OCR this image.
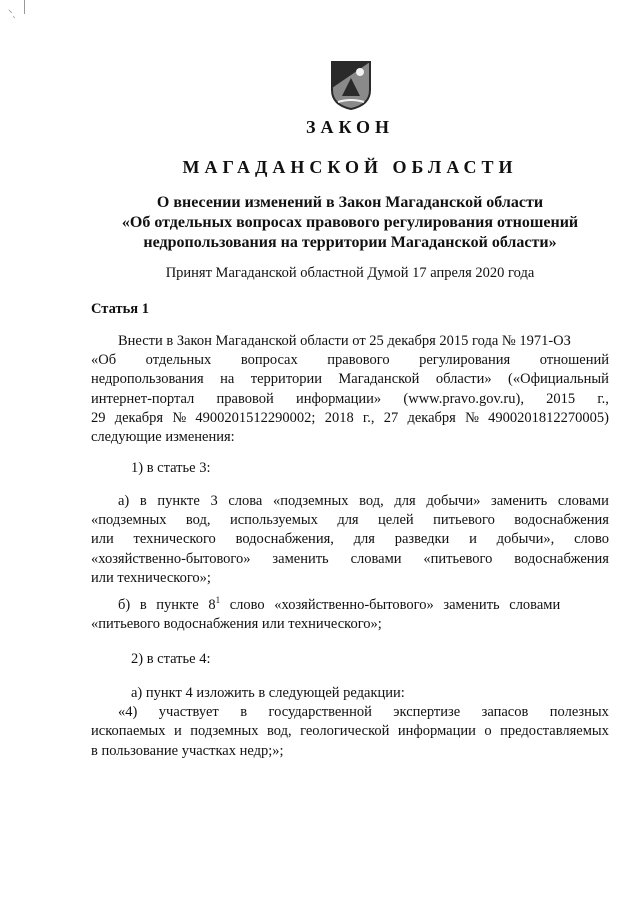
⸌ˎ
ЗАКОН
МАГАДАНСКОЙ ОБЛАСТИ
О внесении изменений в Закон Магаданской области
«Об отдельных вопросах правового регулирования отношений
недропользования на территории Магаданской области»
Принят Магаданской областной Думой 17 апреля 2020 года
Статья 1
Внести в Закон Магаданской области от 25 декабря 2015 года № 1971-ОЗ
«Об отдельных вопросах правового регулирования отношений
недропользования на территории Магаданской области» («Официальный
интернет-портал правовой информации» (www.pravo.gov.ru), 2015 г.,
29 декабря № 4900201512290002; 2018 г., 27 декабря № 4900201812270005)
следующие изменения:
1) в статье 3:
а) в пункте 3 слова «подземных вод, для добычи» заменить словами
«подземных вод, используемых для целей питьевого водоснабжения
или технического водоснабжения, для разведки и добычи», слово
«хозяйственно-бытового» заменить словами «питьевого водоснабжения
или технического»;
б) в пункте $8^1$ слово «хозяйственно-бытового» заменить словами
«питьевого водоснабжения или технического»;
2) в статье 4:
а) пункт 4 изложить в следующей редакции:
«4) участвует в государственной экспертизе запасов полезных
ископаемых и подземных вод, геологической информации о предоставляемых
в пользование участках недр;»;
